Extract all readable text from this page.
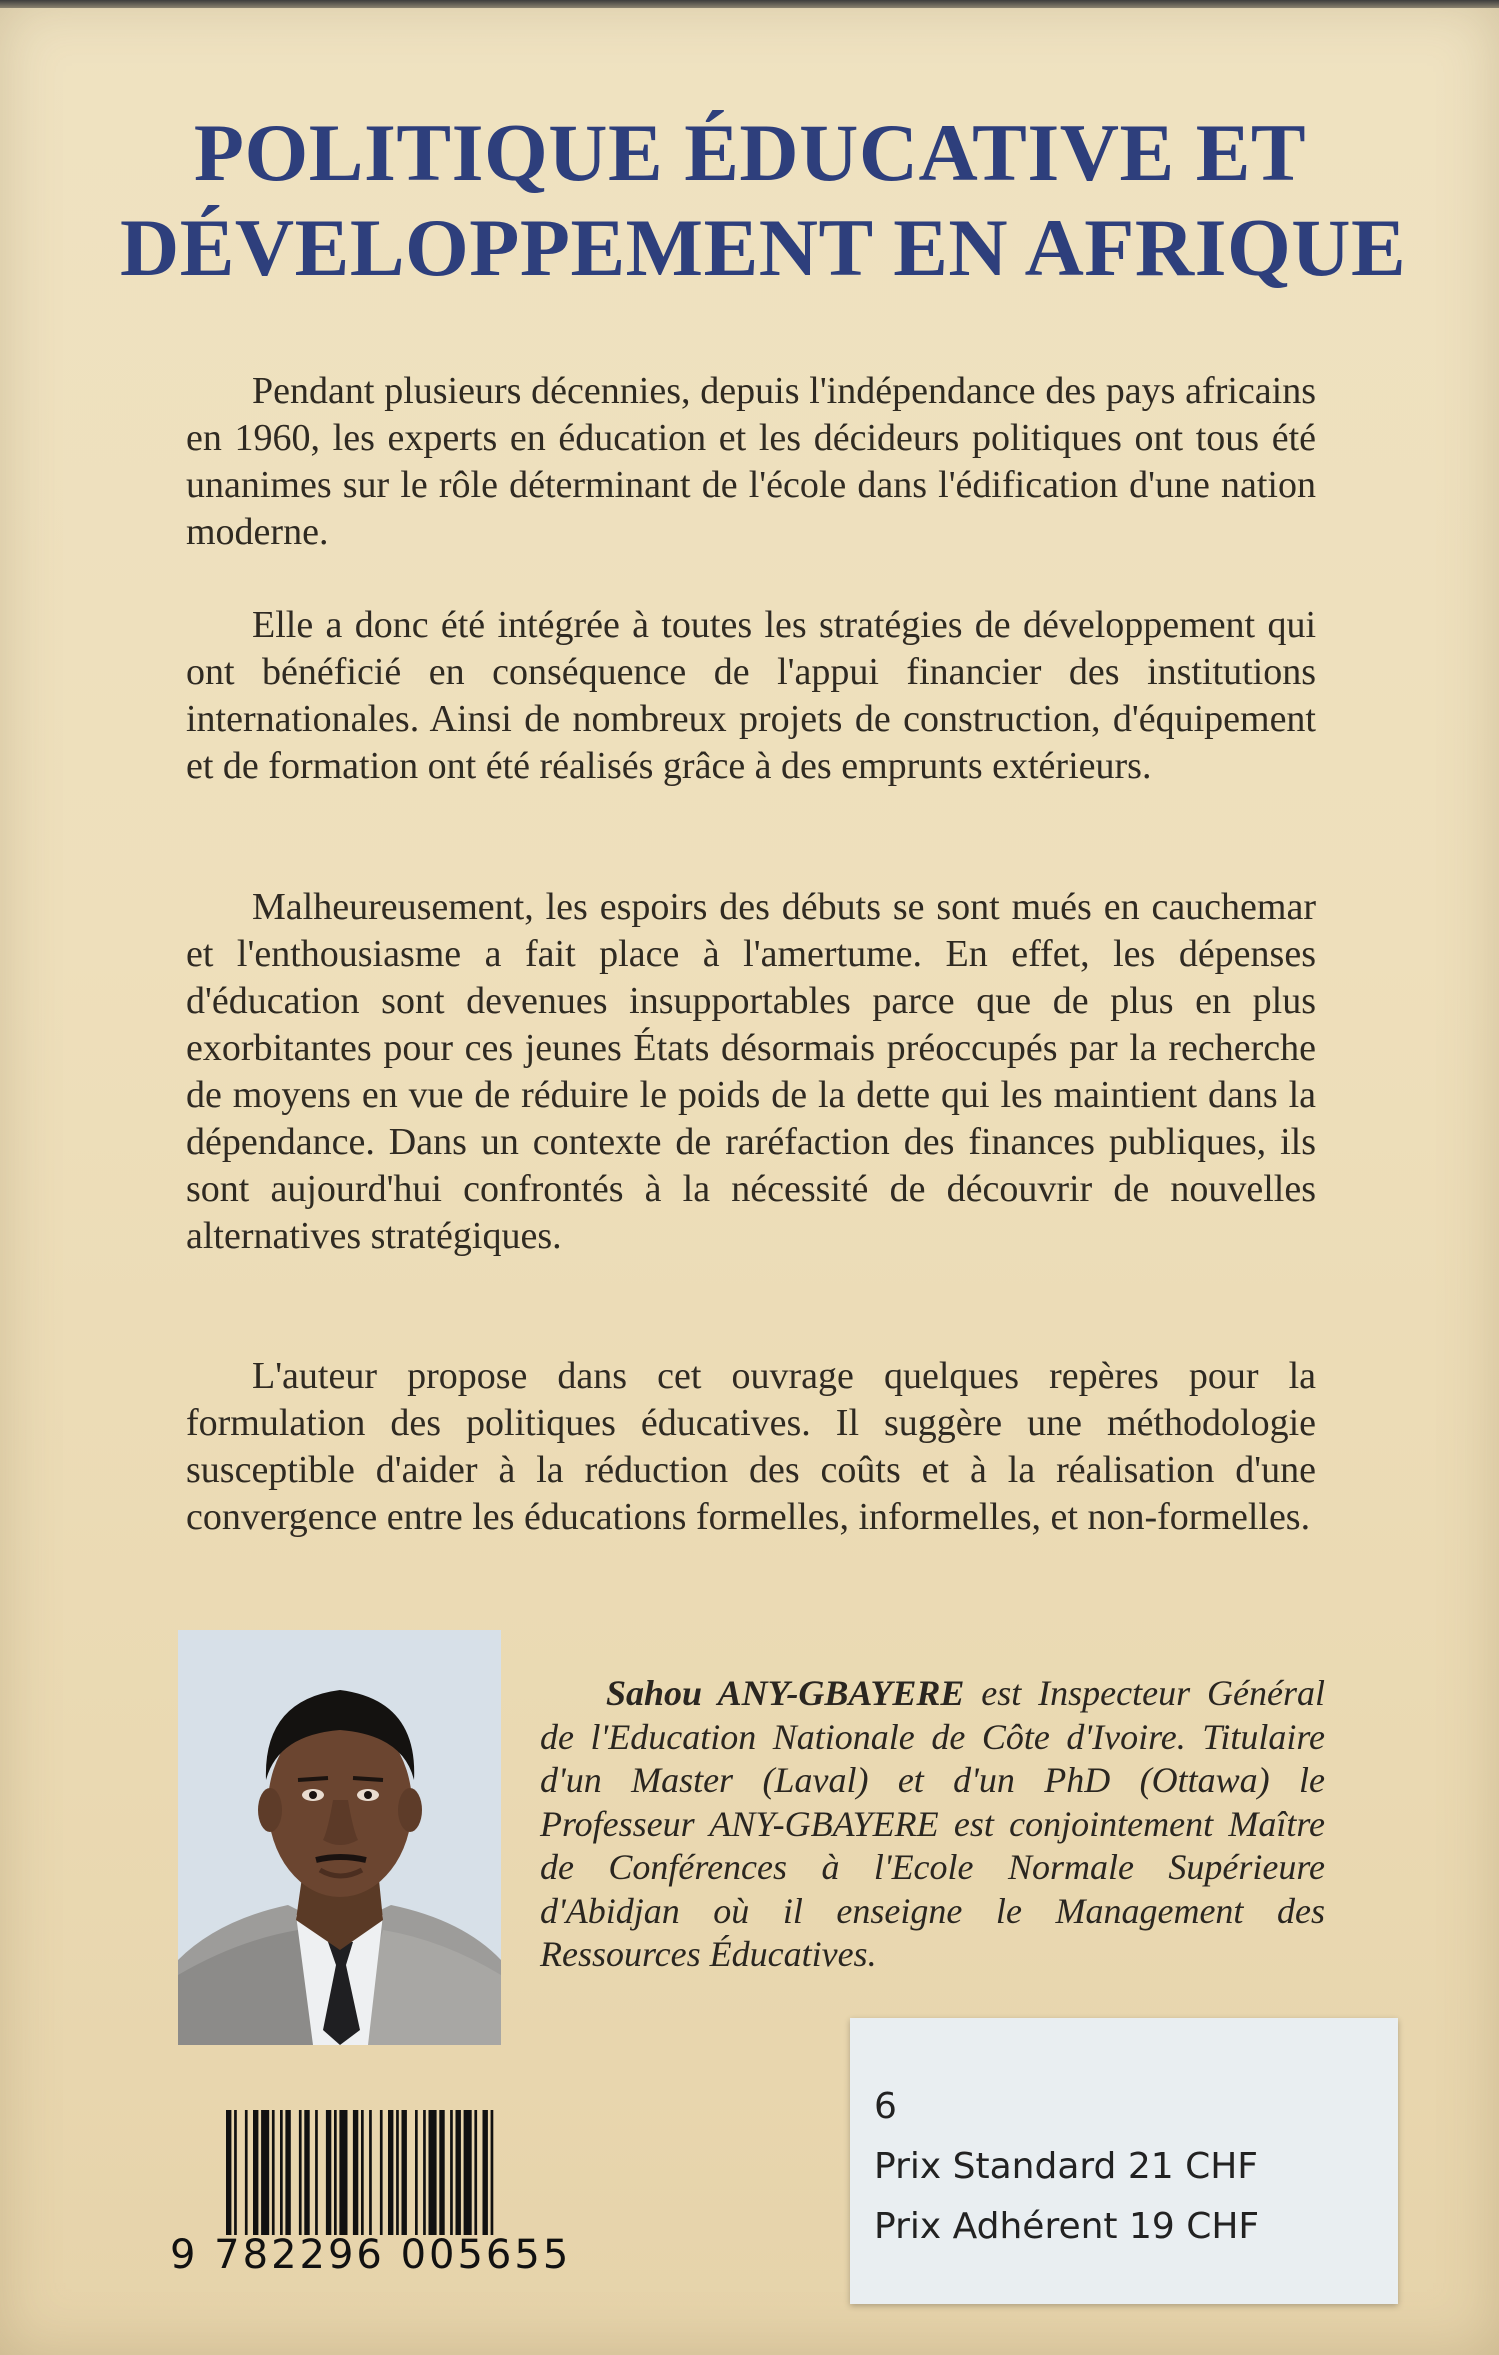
POLITIQUE ÉDUCATIVE ET
DÉVELOPPEMENT EN AFRIQUE

Pendant plusieurs décennies, depuis l'indépendance des pays africains en 1960, les experts en éducation et les décideurs politiques ont tous été unanimes sur le rôle déterminant de l'école dans l'édification d'une nation moderne.

Elle a donc été intégrée à toutes les stratégies de développement qui ont bénéficié en conséquence de l'appui financier des institutions internationales. Ainsi de nombreux projets de construction, d'équipement et de formation ont été réalisés grâce à des emprunts extérieurs.

Malheureusement, les espoirs des débuts se sont mués en cauchemar et l'enthousiasme a fait place à l'amertume. En effet, les dépenses d'éducation sont devenues insupportables parce que de plus en plus exorbitantes pour ces jeunes États désormais préoccupés par la recherche de moyens en vue de réduire le poids de la dette qui les maintient dans la dépendance. Dans un contexte de raréfaction des finances publiques, ils sont aujourd'hui confrontés à la nécessité de découvrir de nouvelles alternatives stratégiques.

L'auteur propose dans cet ouvrage quelques repères pour la formulation des politiques éducatives. Il suggère une méthodologie susceptible d'aider à la réduction des coûts et à la réalisation d'une convergence entre les éducations formelles, informelles, et non-formelles.

Sahou ANY-GBAYERE est Inspecteur Général de l'Education Nationale de Côte d'Ivoire. Titulaire d'un Master (Laval) et d'un PhD (Ottawa) le Professeur ANY-GBAYERE est conjointement Maître de Conférences à l'Ecole Normale Supérieure d'Abidjan où il enseigne le Management des Ressources Éducatives.

9 782296 005655
6
Prix Standard 21 CHF
Prix Adhérent 19 CHF
